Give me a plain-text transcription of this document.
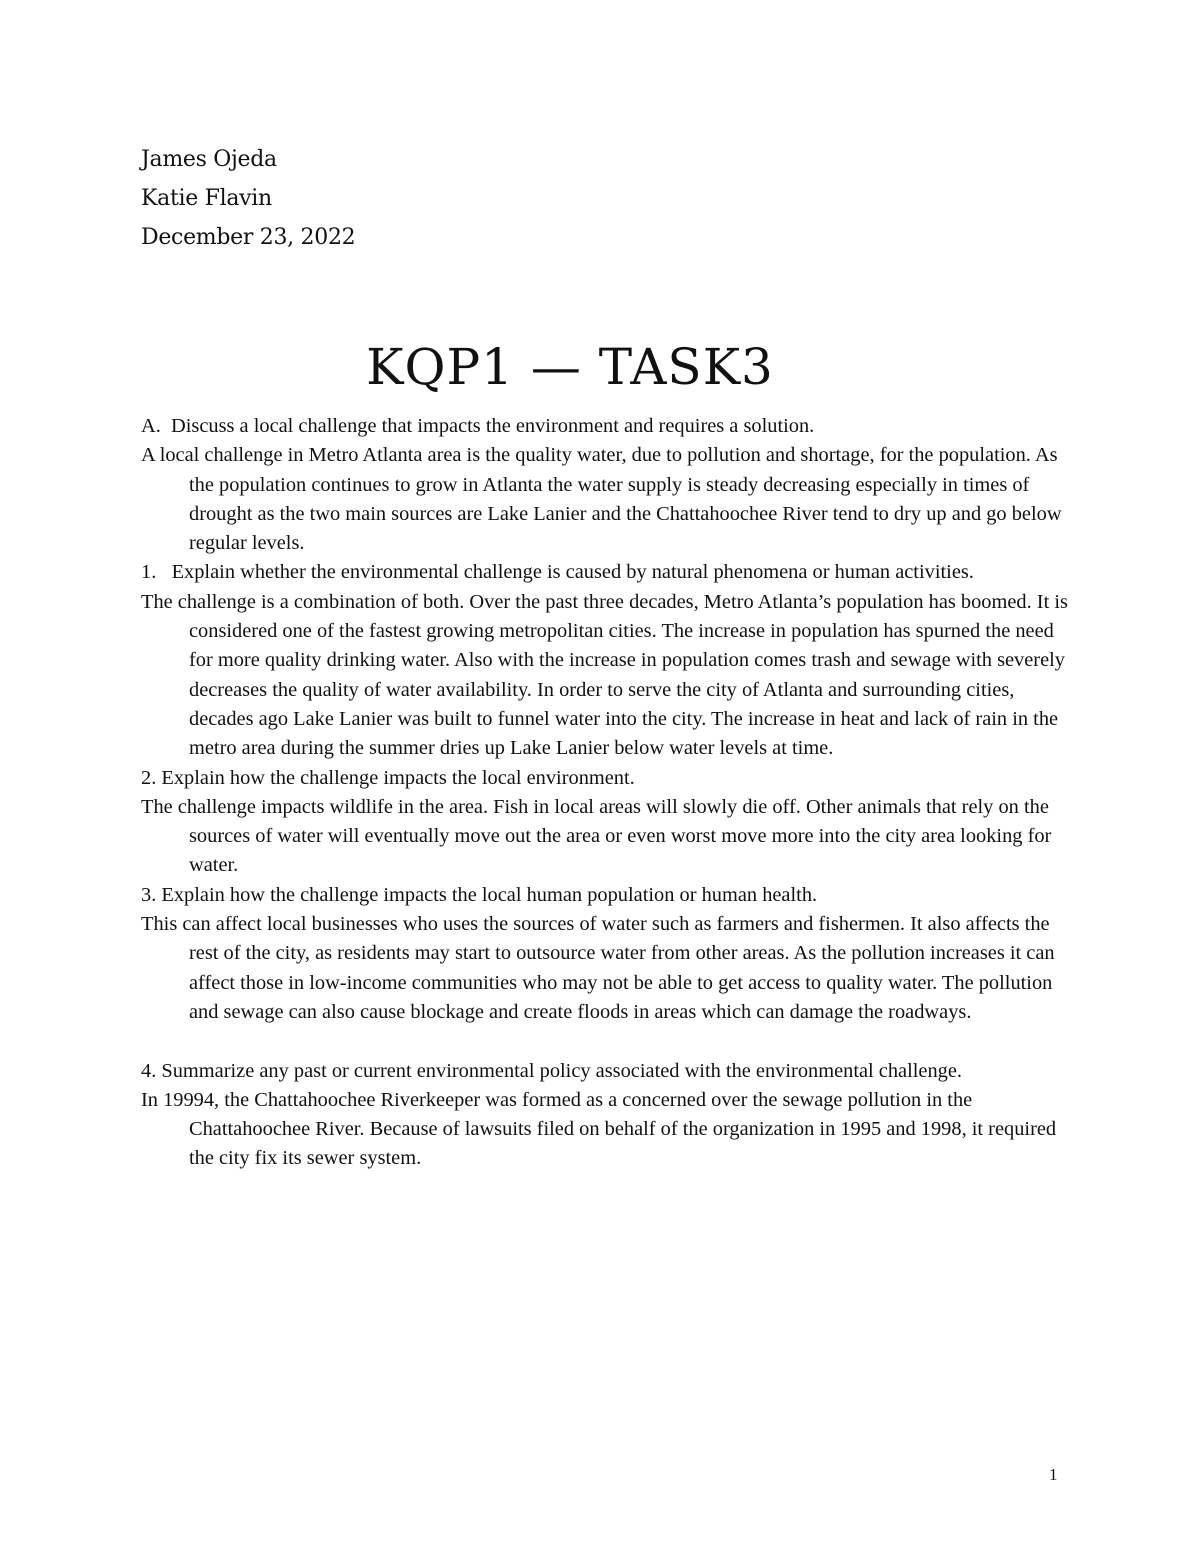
James Ojeda
Katie Flavin
December 23, 2022
KQP1 — TASK3

A.  Discuss a local challenge that impacts the environment and requires a solution.

A local challenge in Metro Atlanta area is the quality water, due to pollution and shortage, for the population. As the population continues to grow in Atlanta the water supply is steady decreasing especially in times of drought as the two main sources are Lake Lanier and the Chattahoochee River tend to dry up and go below regular levels.

1.   Explain whether the environmental challenge is caused by natural phenomena or human activities.

The challenge is a combination of both. Over the past three decades, Metro Atlanta’s population has boomed. It is considered one of the fastest growing metropolitan cities. The increase in population has spurned the need for more quality drinking water. Also with the increase in population comes trash and sewage with severely decreases the quality of water availability. In order to serve the city of Atlanta and surrounding cities, decades ago Lake Lanier was built to funnel water into the city. The increase in heat and lack of rain in the metro area during the summer dries up Lake Lanier below water levels at time.

2. Explain how the challenge impacts the local environment.

The challenge impacts wildlife in the area. Fish in local areas will slowly die off. Other animals that rely on the sources of water will eventually move out the area or even worst move more into the city area looking for water.

3. Explain how the challenge impacts the local human population or human health.

This can affect local businesses who uses the sources of water such as farmers and fishermen. It also affects the rest of the city, as residents may start to outsource water from other areas. As the pollution increases it can affect those in low-income communities who may not be able to get access to quality water. The pollution and sewage can also cause blockage and create floods in areas which can damage the roadways.

4. Summarize any past or current environmental policy associated with the environmental challenge.

In 19994, the Chattahoochee Riverkeeper was formed as a concerned over the sewage pollution in the Chattahoochee River. Because of lawsuits filed on behalf of the organization in 1995 and 1998, it required the city fix its sewer system.

1
